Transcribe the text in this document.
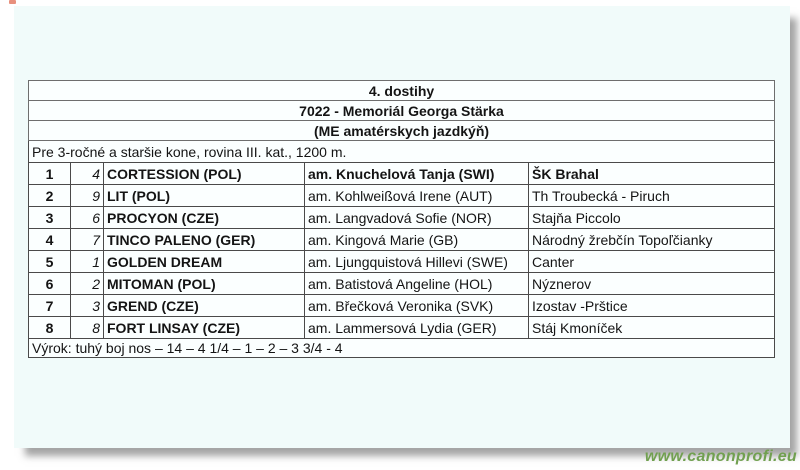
4. dostihy				
7022 - Memoriál Georga Stärka				
(ME amatérskych jazdkýň)				
Pre 3-ročné a staršie kone, rovina III. kat., 1200 m.				
1	4	CORTESSION (POL)	am. Knuchelová Tanja (SWI)	ŠK Brahal
2	9	LIT (POL)	am. Kohlweißová Irene (AUT)	Th Troubecká - Piruch
3	6	PROCYON (CZE)	am. Langvadová Sofie (NOR)	Stajňa Piccolo
4	7	TINCO PALENO (GER)	am. Kingová Marie (GB)	Národný žrebčín Topoľčianky
5	1	GOLDEN DREAM	am. Ljungquistová Hillevi (SWE)	Canter
6	2	MITOMAN (POL)	am. Batistová Angeline (HOL)	Nýznerov
7	3	GREND (CZE)	am. Břečková Veronika (SVK)	Izostav -Prštice
8	8	FORT LINSAY (CZE)	am. Lammersová Lydia (GER)	Stáj Kmoníček
Výrok: tuhý boj nos – 14 – 4 1/4 – 1 – 2 – 3 3/4 - 4				
www.canonprofi.eu
